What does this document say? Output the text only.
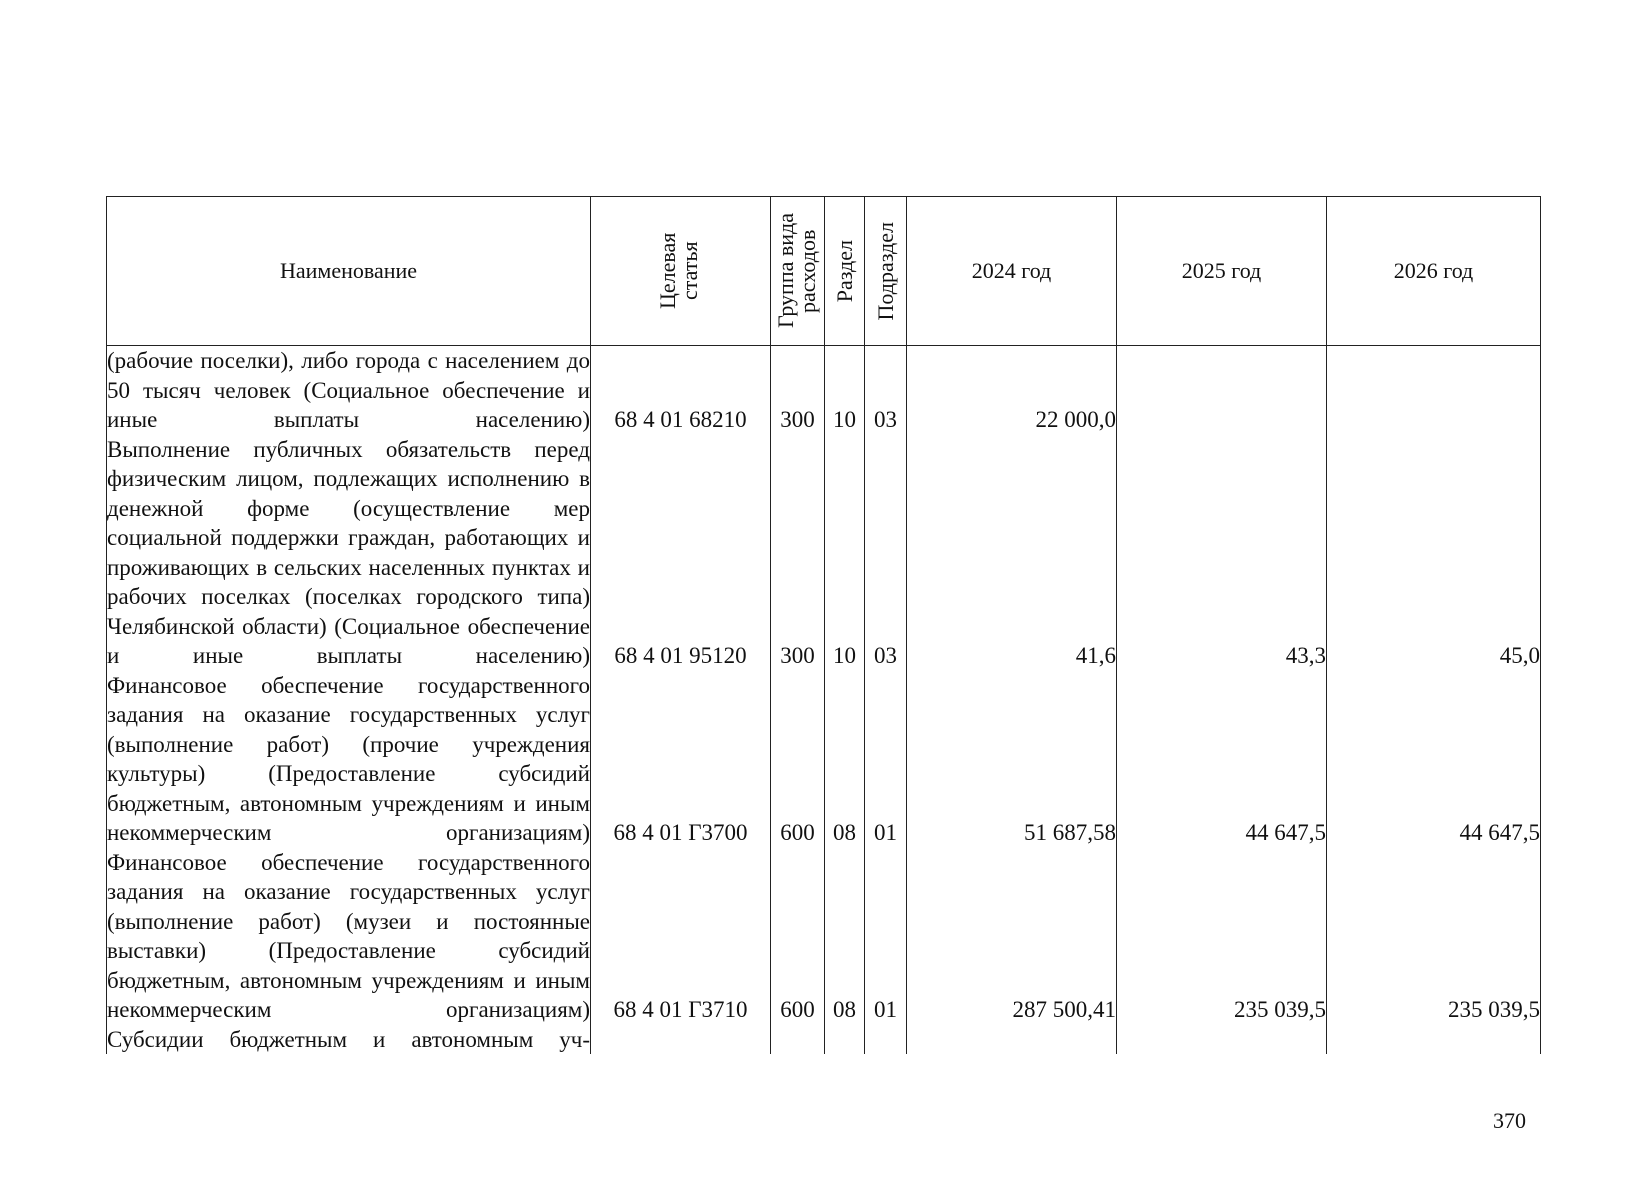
Наименование	Целевая статья	Группа вида расходов	Раздел	Подраздел	2024 год	2025 год	2026 год
(рабочие поселки), либо города с населением до 50 тысяч человек (Социальное обеспечение и иные выплаты населению)	68 4 01 68210	300	10	03	22 000,0		
Выполнение публичных обязательств перед физическим лицом, подлежащих исполнению в денежной форме (осуществление мер социальной поддержки граждан, работающих и проживающих в сельских населенных пунктах и рабочих поселках (поселках городского типа) Челябинской области) (Социальное обеспечение и иные выплаты населению)	68 4 01 95120	300	10	03	41,6	43,3	45,0
Финансовое обеспечение государственного задания на оказание государственных услуг (выполнение работ) (прочие учреждения культуры) (Предоставление субсидий бюджетным, автономным учреждениям и иным некоммерческим организациям)	68 4 01 Г3700	600	08	01	51 687,58	44 647,5	44 647,5
Финансовое обеспечение государственного задания на оказание государственных услуг (выполнение работ) (музеи и постоянные выставки) (Предоставление субсидий бюджетным, автономным учреждениям и иным некоммерческим организациям)	68 4 01 Г3710	600	08	01	287 500,41	235 039,5	235 039,5
Субсидии бюджетным и автономным уч-							
370
